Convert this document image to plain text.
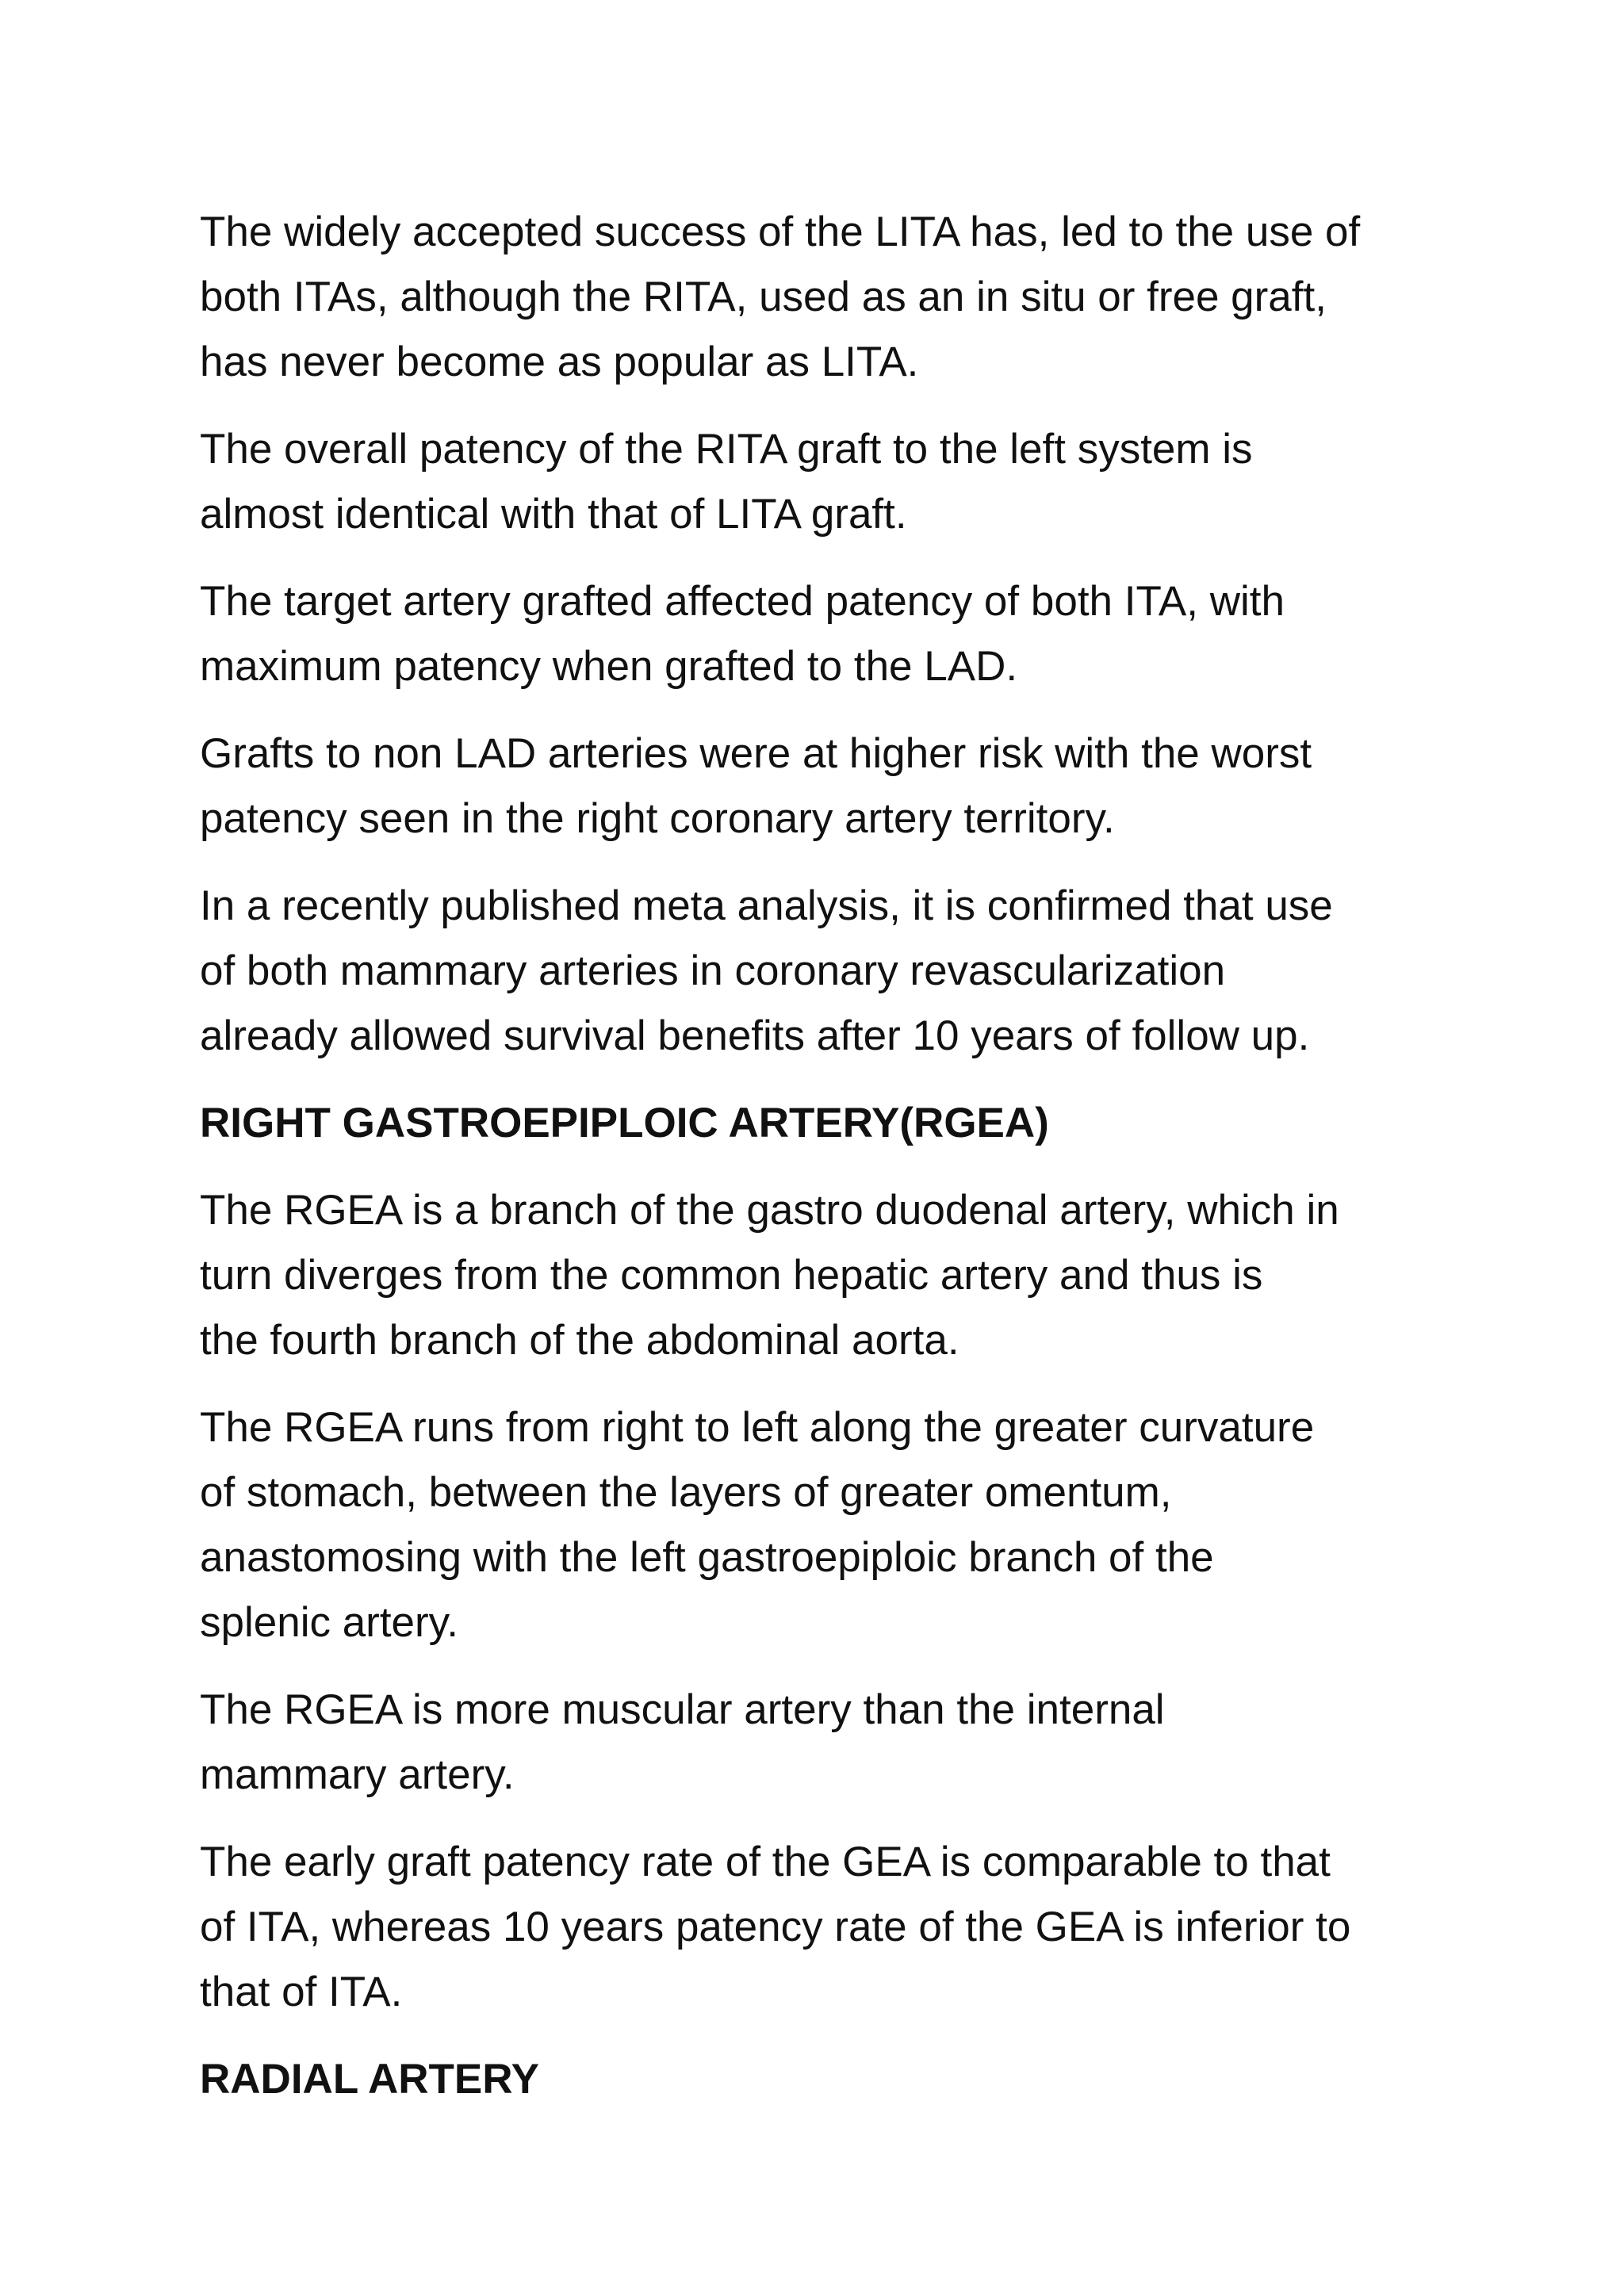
The widely accepted success of the LITA has, led to the use of
both ITAs, although the RITA, used as an in situ or free graft,
has never become as popular as LITA.

The overall patency of the RITA graft to the left system is
almost identical with that of LITA graft.

The target artery grafted affected patency of both ITA, with
maximum patency when grafted to the LAD.

Grafts to non LAD arteries were at higher risk with the worst
patency seen in the right coronary artery territory.

In a recently published meta analysis, it is confirmed that use
of both mammary arteries in coronary revascularization
already allowed survival benefits after 10 years of follow up.

RIGHT GASTROEPIPLOIC ARTERY(RGEA)

The RGEA is a branch of the gastro duodenal artery, which in
turn diverges from the common hepatic artery and thus is
the fourth branch of the abdominal aorta.

The RGEA runs from right to left along the greater curvature
of stomach, between the layers of greater omentum,
anastomosing with the left gastroepiploic branch of the
splenic artery.

The RGEA is more muscular artery than the internal
mammary artery.

The early graft patency rate of the GEA is comparable to that
of ITA, whereas 10 years patency rate of the GEA is inferior to
that of ITA.

RADIAL ARTERY
